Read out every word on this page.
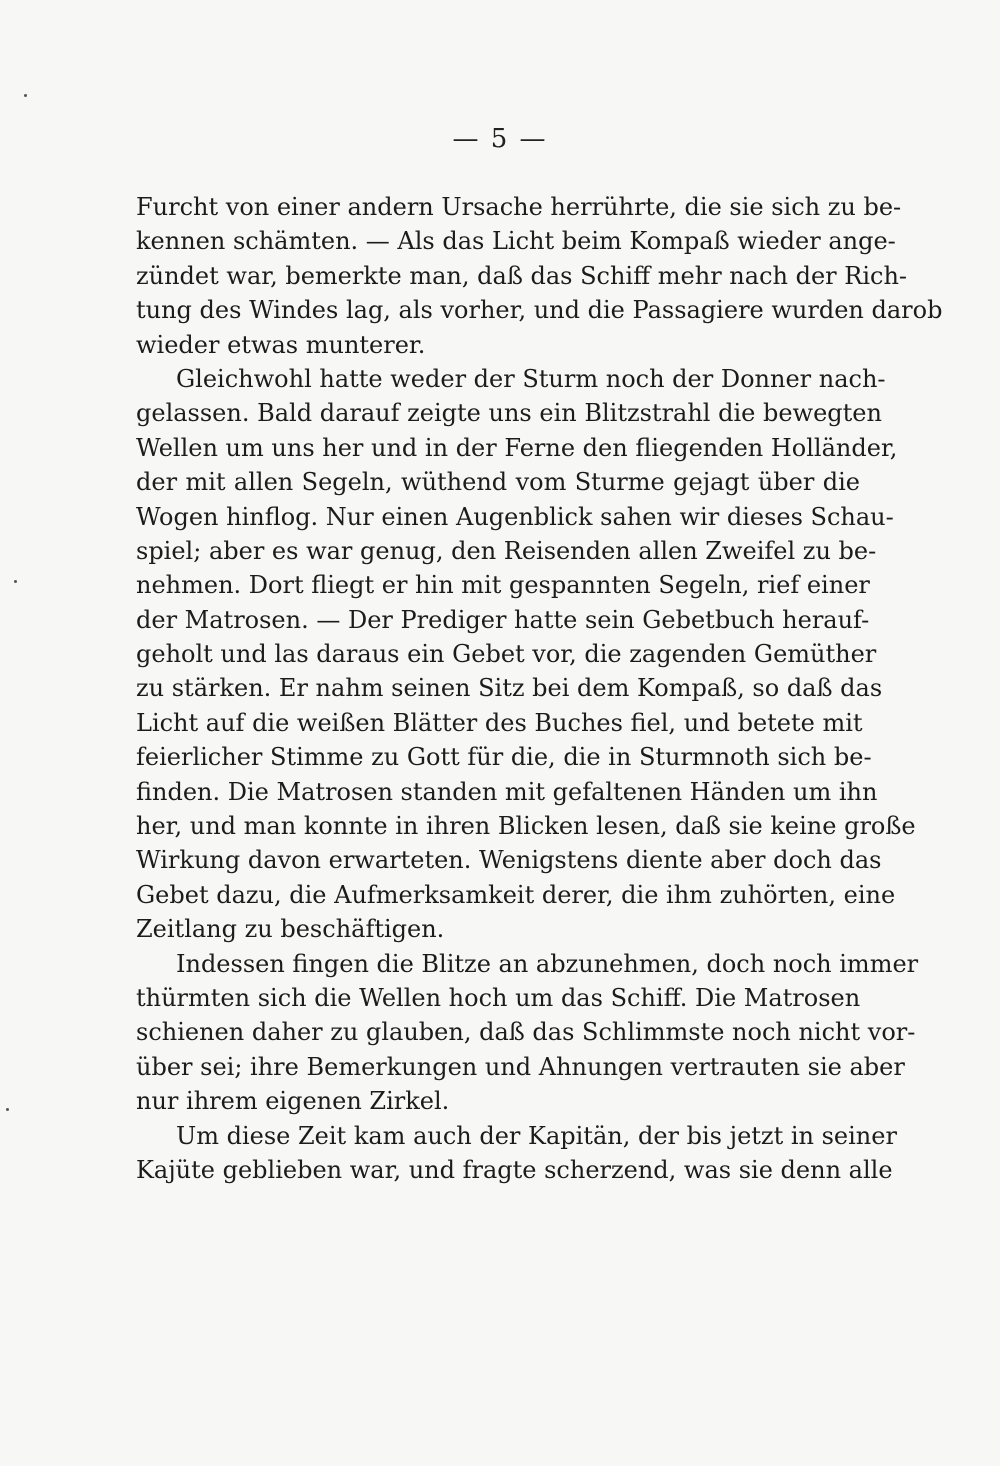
— 5 —
Furcht von einer andern Ursache herrührte, die sie sich zu be-
kennen schämten. — Als das Licht beim Kompaß wieder ange-
zündet war, bemerkte man, daß das Schiff mehr nach der Rich-
tung des Windes lag, als vorher, und die Passagiere wurden darob
wieder etwas munterer.
Gleichwohl hatte weder der Sturm noch der Donner nach-
gelassen. Bald darauf zeigte uns ein Blitzstrahl die bewegten
Wellen um uns her und in der Ferne den fliegenden Holländer,
der mit allen Segeln, wüthend vom Sturme gejagt über die
Wogen hinflog. Nur einen Augenblick sahen wir dieses Schau-
spiel; aber es war genug, den Reisenden allen Zweifel zu be-
nehmen. Dort fliegt er hin mit gespannten Segeln, rief einer
der Matrosen. — Der Prediger hatte sein Gebetbuch herauf-
geholt und las daraus ein Gebet vor, die zagenden Gemüther
zu stärken. Er nahm seinen Sitz bei dem Kompaß, so daß das
Licht auf die weißen Blätter des Buches fiel, und betete mit
feierlicher Stimme zu Gott für die, die in Sturmnoth sich be-
finden. Die Matrosen standen mit gefaltenen Händen um ihn
her, und man konnte in ihren Blicken lesen, daß sie keine große
Wirkung davon erwarteten. Wenigstens diente aber doch das
Gebet dazu, die Aufmerksamkeit derer, die ihm zuhörten, eine
Zeitlang zu beschäftigen.
Indessen fingen die Blitze an abzunehmen, doch noch immer
thürmten sich die Wellen hoch um das Schiff. Die Matrosen
schienen daher zu glauben, daß das Schlimmste noch nicht vor-
über sei; ihre Bemerkungen und Ahnungen vertrauten sie aber
nur ihrem eigenen Zirkel.
Um diese Zeit kam auch der Kapitän, der bis jetzt in seiner
Kajüte geblieben war, und fragte scherzend, was sie denn alle
